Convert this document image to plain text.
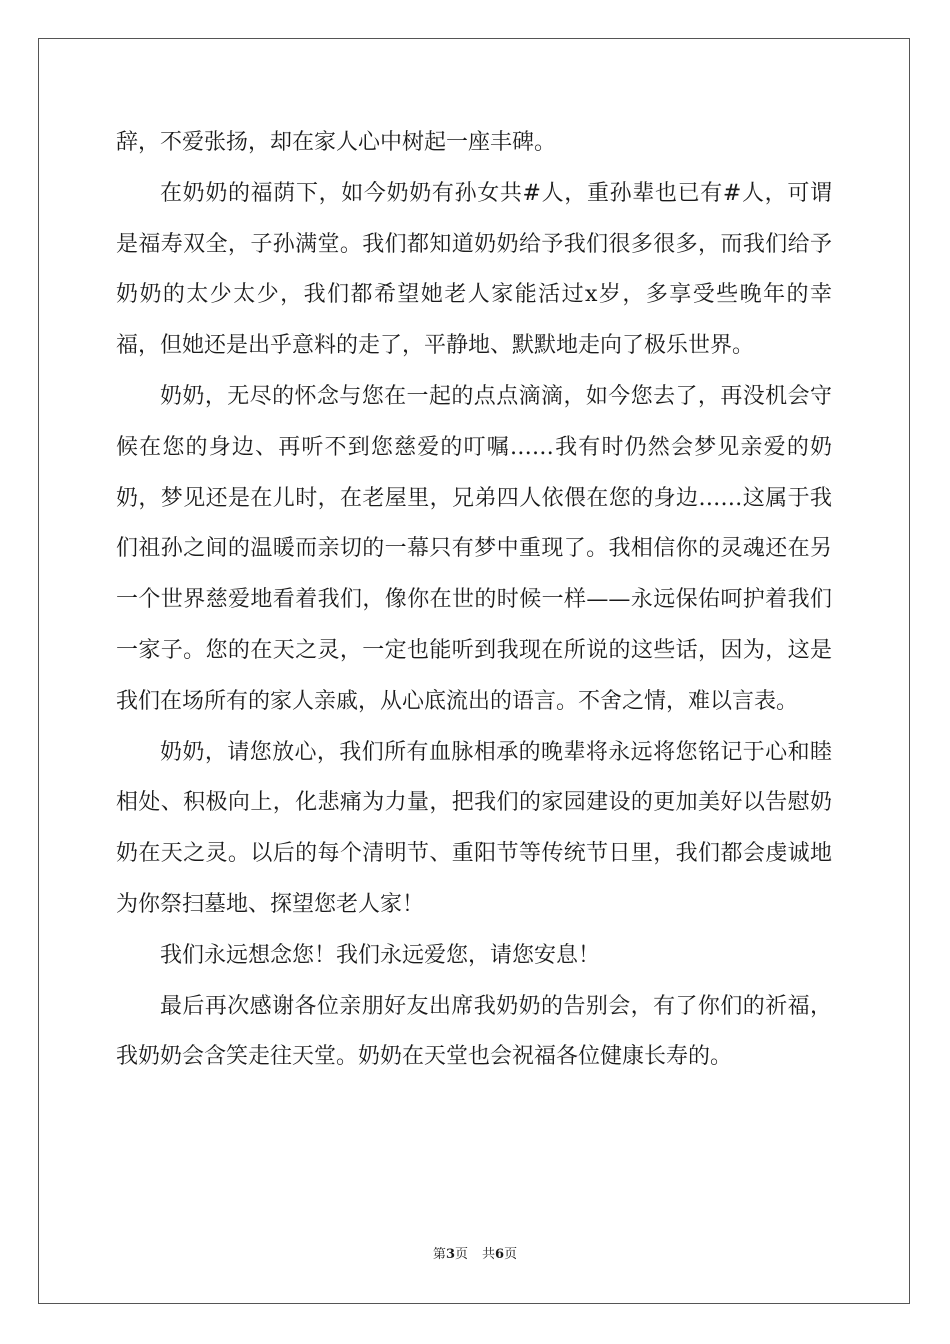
辞，不爱张扬，却在家人心中树起一座丰碑。

在奶奶的福荫下，如今奶奶有孙女共#人，重孙辈也已有#人，可谓是福寿双全，子孙满堂。我们都知道奶奶给予我们很多很多，而我们给予奶奶的太少太少，我们都希望她老人家能活过x岁，多享受些晚年的幸福，但她还是出乎意料的走了，平静地、默默地走向了极乐世界。

奶奶，无尽的怀念与您在一起的点点滴滴，如今您去了，再没机会守候在您的身边、再听不到您慈爱的叮嘱……我有时仍然会梦见亲爱的奶奶，梦见还是在儿时，在老屋里，兄弟四人依偎在您的身边……这属于我们祖孙之间的温暖而亲切的一幕只有梦中重现了。我相信你的灵魂还在另一个世界慈爱地看着我们，像你在世的时候一样——永远保佑呵护着我们一家子。您的在天之灵，一定也能听到我现在所说的这些话，因为，这是我们在场所有的家人亲戚，从心底流出的语言。不舍之情，难以言表。

奶奶，请您放心，我们所有血脉相承的晚辈将永远将您铭记于心和睦相处、积极向上，化悲痛为力量，把我们的家园建设的更加美好以告慰奶奶在天之灵。以后的每个清明节、重阳节等传统节日里，我们都会虔诚地为你祭扫墓地、探望您老人家！

我们永远想念您！我们永远爱您，请您安息！

最后再次感谢各位亲朋好友出席我奶奶的告别会，有了你们的祈福，我奶奶会含笑走往天堂。奶奶在天堂也会祝福各位健康长寿的。

第3页 共6页
